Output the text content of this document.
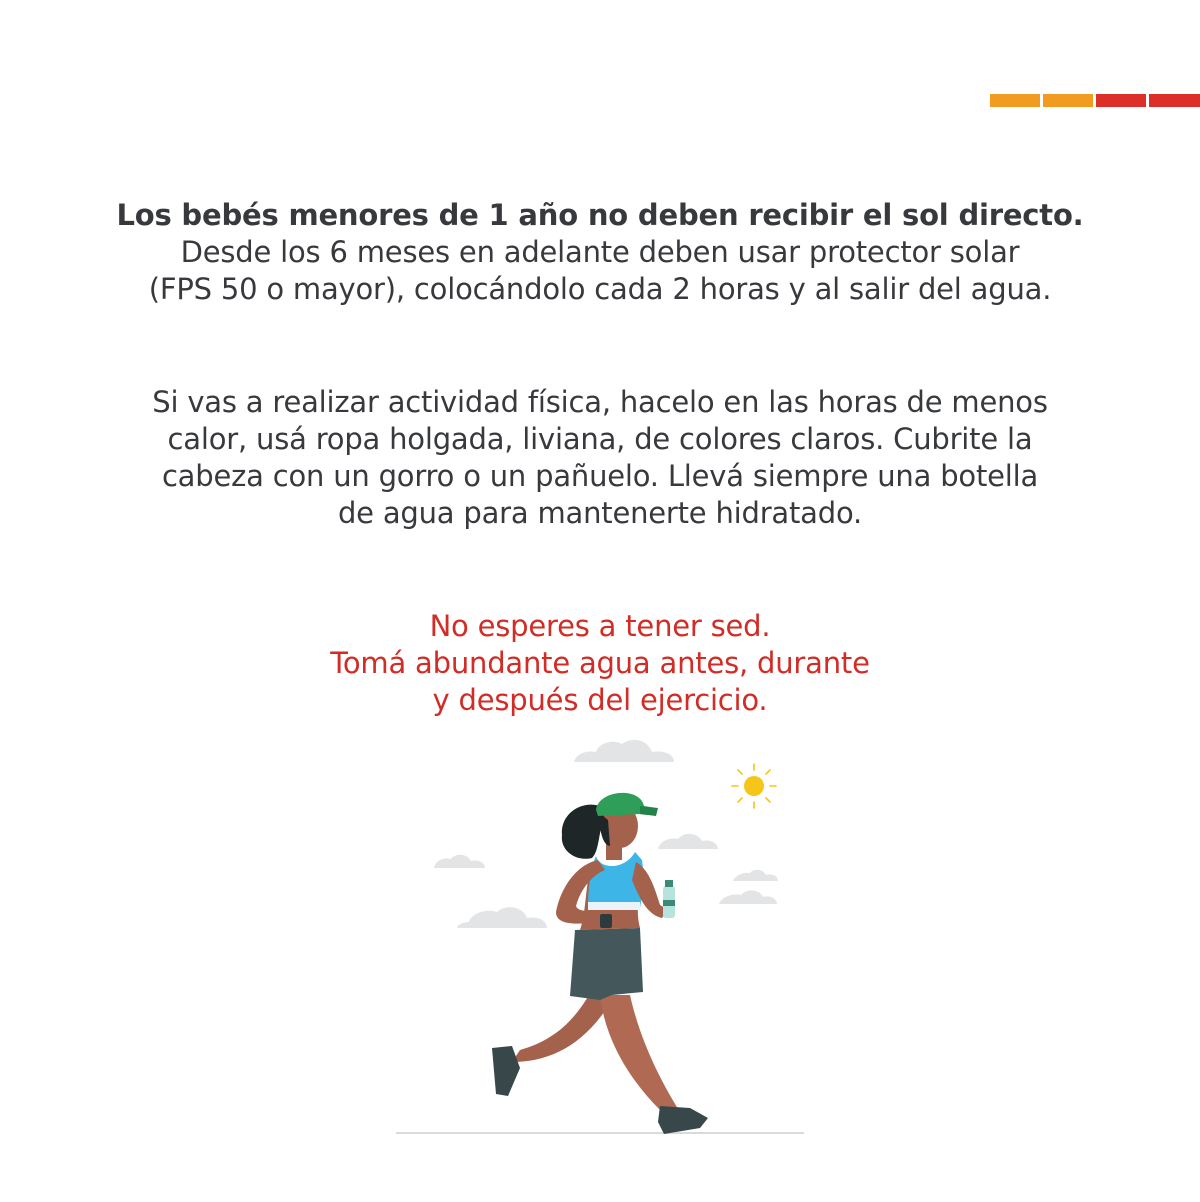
Los bebés menores de 1 año no deben recibir el sol directo.
Desde los 6 meses en adelante deben usar protector solar
(FPS 50 o mayor), colocándolo cada 2 horas y al salir del agua.
Si vas a realizar actividad física, hacelo en las horas de menos
calor, usá ropa holgada, liviana, de colores claros. Cubrite la
cabeza con un gorro o un pañuelo. Llevá siempre una botella
de agua para mantenerte hidratado.
No esperes a tener sed.
Tomá abundante agua antes, durante
y después del ejercicio.
